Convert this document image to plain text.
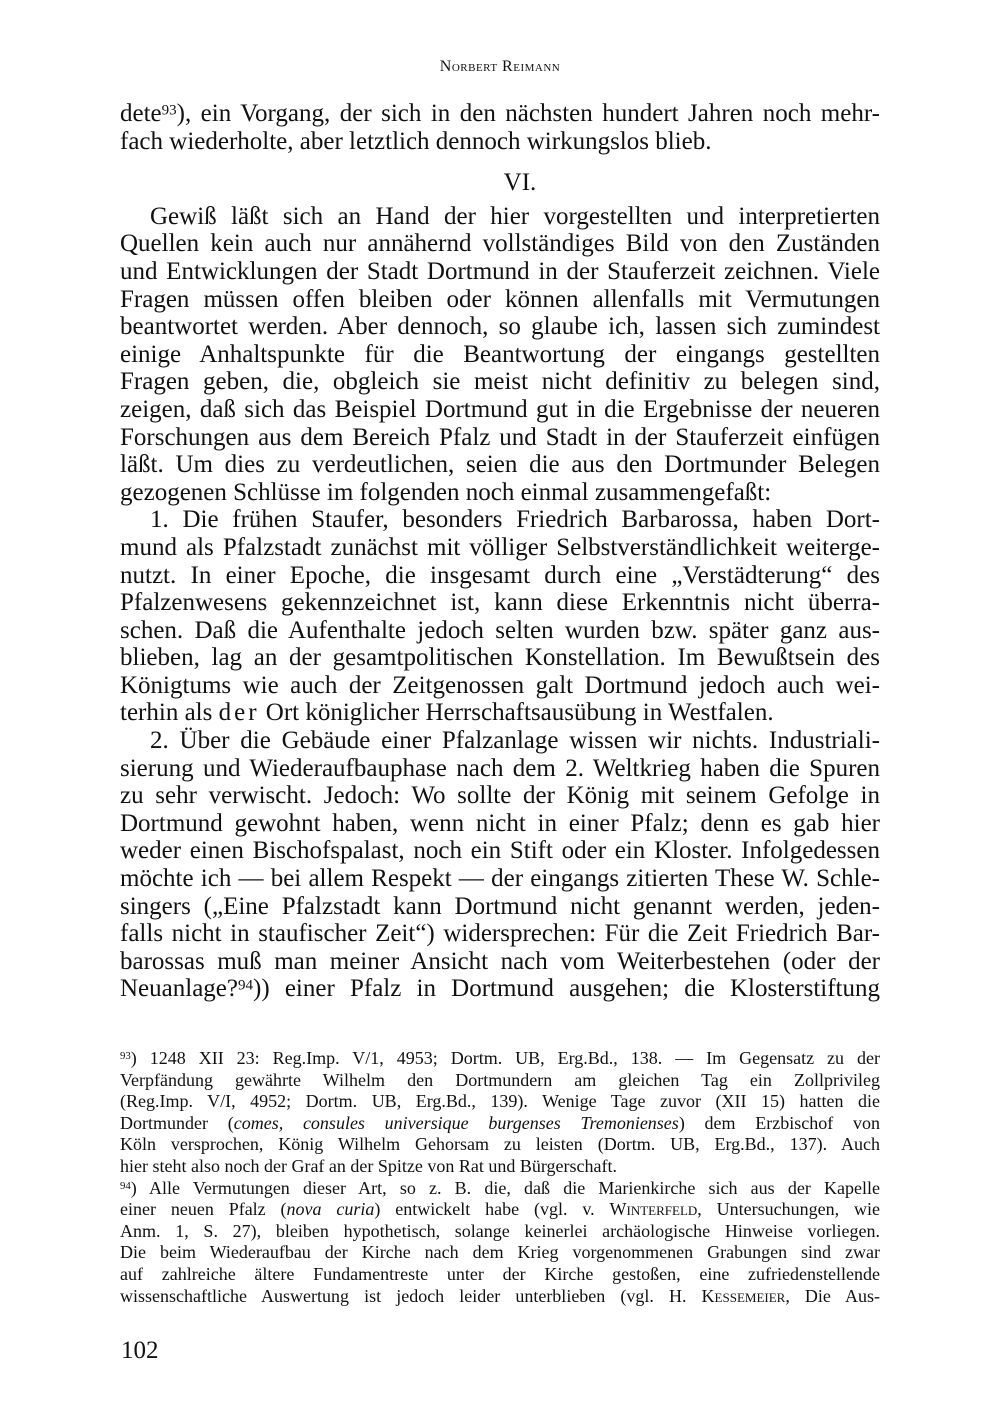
Norbert Reimann
dete$^{93}$), ein Vorgang, der sich in den nächsten hundert Jahren noch mehr-
fach wiederholte, aber letztlich dennoch wirkungslos blieb.
VI.
Gewiß läßt sich an Hand der hier vorgestellten und interpretierten
Quellen kein auch nur annähernd vollständiges Bild von den Zuständen
und Entwicklungen der Stadt Dortmund in der Stauferzeit zeichnen. Viele
Fragen müssen offen bleiben oder können allenfalls mit Vermutungen
beantwortet werden. Aber dennoch, so glaube ich, lassen sich zumindest
einige Anhaltspunkte für die Beantwortung der eingangs gestellten
Fragen geben, die, obgleich sie meist nicht definitiv zu belegen sind,
zeigen, daß sich das Beispiel Dortmund gut in die Ergebnisse der neueren
Forschungen aus dem Bereich Pfalz und Stadt in der Stauferzeit einfügen
läßt. Um dies zu verdeutlichen, seien die aus den Dortmunder Belegen
gezogenen Schlüsse im folgenden noch einmal zusammengefaßt:
1. Die frühen Staufer, besonders Friedrich Barbarossa, haben Dort-
mund als Pfalzstadt zunächst mit völliger Selbstverständlichkeit weiterge-
nutzt. In einer Epoche, die insgesamt durch eine „Verstädterung“ des
Pfalzenwesens gekennzeichnet ist, kann diese Erkenntnis nicht überra-
schen. Daß die Aufenthalte jedoch selten wurden bzw. später ganz aus-
blieben, lag an der gesamtpolitischen Konstellation. Im Bewußtsein des
Königtums wie auch der Zeitgenossen galt Dortmund jedoch auch wei-
terhin als der Ort königlicher Herrschaftsausübung in Westfalen.
2. Über die Gebäude einer Pfalzanlage wissen wir nichts. Industriali-
sierung und Wiederaufbauphase nach dem 2. Weltkrieg haben die Spuren
zu sehr verwischt. Jedoch: Wo sollte der König mit seinem Gefolge in
Dortmund gewohnt haben, wenn nicht in einer Pfalz; denn es gab hier
weder einen Bischofspalast, noch ein Stift oder ein Kloster. Infolgedessen
möchte ich — bei allem Respekt — der eingangs zitierten These W. Schle-
singers („Eine Pfalzstadt kann Dortmund nicht genannt werden, jeden-
falls nicht in staufischer Zeit“) widersprechen: Für die Zeit Friedrich Bar-
barossas muß man meiner Ansicht nach vom Weiterbestehen (oder der
Neuanlage?$^{94}$)) einer Pfalz in Dortmund ausgehen; die Klosterstiftung
$^{93}$) 1248 XII 23: Reg.Imp. V/1, 4953; Dortm. UB, Erg.Bd., 138. — Im Gegensatz zu der
Verpfändung gewährte Wilhelm den Dortmundern am gleichen Tag ein Zollprivileg
(Reg.Imp. V/I, 4952; Dortm. UB, Erg.Bd., 139). Wenige Tage zuvor (XII 15) hatten die
Dortmunder (comes, consules universique burgenses Tremonienses) dem Erzbischof von
Köln versprochen, König Wilhelm Gehorsam zu leisten (Dortm. UB, Erg.Bd., 137). Auch
hier steht also noch der Graf an der Spitze von Rat und Bürgerschaft.
$^{94}$) Alle Vermutungen dieser Art, so z. B. die, daß die Marienkirche sich aus der Kapelle
einer neuen Pfalz (nova curia) entwickelt habe (vgl. v. Winterfeld, Untersuchungen, wie
Anm. 1, S. 27), bleiben hypothetisch, solange keinerlei archäologische Hinweise vorliegen.
Die beim Wiederaufbau der Kirche nach dem Krieg vorgenommenen Grabungen sind zwar
auf zahlreiche ältere Fundamentreste unter der Kirche gestoßen, eine zufriedenstellende
wissenschaftliche Auswertung ist jedoch leider unterblieben (vgl. H. Kessemeier, Die Aus-
102
